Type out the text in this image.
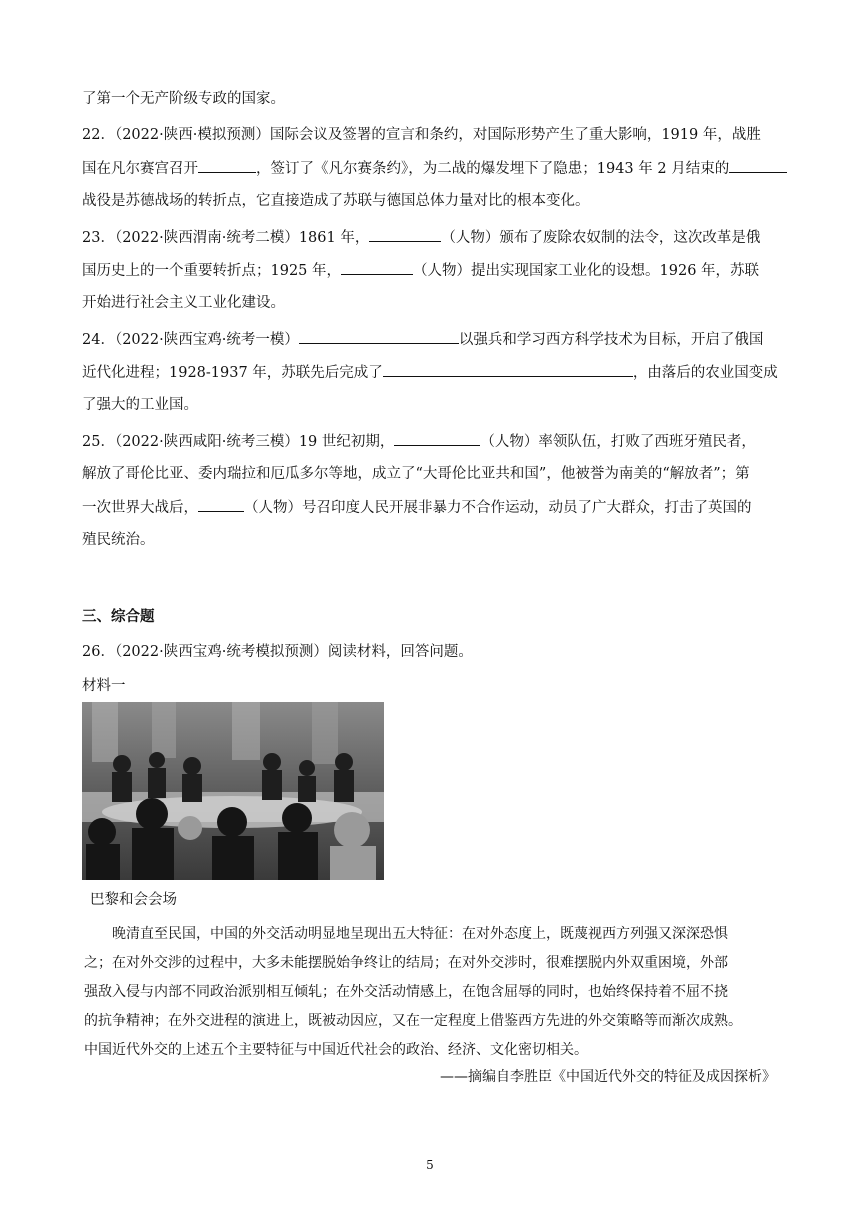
了第一个无产阶级专政的国家。
22．（2022·陕西·模拟预测）国际会议及签署的宣言和条约，对国际形势产生了重大影响，1919 年，战胜
国在凡尔赛宫召开	，签订了《凡尔赛条约》，为二战的爆发埋下了隐患；1943 年 2 月结束的
战役是苏德战场的转折点，它直接造成了苏联与德国总体力量对比的根本变化。
23．（2022·陕西渭南·统考二模）1861 年，	（人物）颁布了废除农奴制的法令，这次改革是俄
国历史上的一个重要转折点；1925 年，	（人物）提出实现国家工业化的设想。1926 年，苏联
开始进行社会主义工业化建设。
24．（2022·陕西宝鸡·统考一模）	以强兵和学习西方科学技术为目标，开启了俄国
近代化进程；1928-1937 年，苏联先后完成了	，由落后的农业国变成
了强大的工业国。
25．（2022·陕西咸阳·统考三模）19 世纪初期，	（人物）率领队伍，打败了西班牙殖民者，
解放了哥伦比亚、委内瑞拉和厄瓜多尔等地，成立了“大哥伦比亚共和国”，他被誉为南美的“解放者”；第
一次世界大战后，	（人物）号召印度人民开展非暴力不合作运动，动员了广大群众，打击了英国的
殖民统治。
三、综合题
26．（2022·陕西宝鸡·统考模拟预测）阅读材料，回答问题。
材料一
巴黎和会会场
晚清直至民国，中国的外交活动明显地呈现出五大特征：在对外态度上，既蔑视西方列强又深深恐惧
之；在对外交涉的过程中，大多未能摆脱始争终让的结局；在对外交涉时，很难摆脱内外双重困境，外部
强敌入侵与内部不同政治派别相互倾轧；在外交活动情感上，在饱含屈辱的同时，也始终保持着不屈不挠
的抗争精神；在外交进程的演进上，既被动因应，又在一定程度上借鉴西方先进的外交策略等而渐次成熟。
中国近代外交的上述五个主要特征与中国近代社会的政治、经济、文化密切相关。
——摘编自李胜臣《中国近代外交的特征及成因探析》
5
